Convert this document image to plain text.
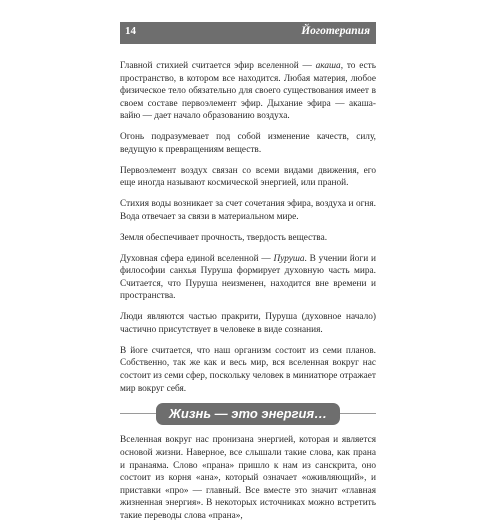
14	Йоготерапия

Главной стихией считается эфир вселенной — акаша, то есть пространство, в котором все находится. Любая материя, любое физическое тело обязательно для своего существования имеет в своем составе первоэлемент эфир. Дыхание эфира — акаша-вайю — дает начало образованию воздуха.

Огонь подразумевает под собой изменение качеств, силу, ведущую к превращениям веществ.

Первоэлемент воздух связан со всеми видами движения, его еще иногда называют космической энергией, или праной.

Стихия воды возникает за счет сочетания эфира, воздуха и огня. Вода отвечает за связи в материальном мире.

Земля обеспечивает прочность, твердость вещества.

Духовная сфера единой вселенной — Пуруша. В учении йоги и философии санхья Пуруша формирует духовную часть мира. Считается, что Пуруша неизменен, находится вне времени и пространства.

Люди являются частью пракрити, Пуруша (духовное начало) частично присутствует в человеке в виде сознания.

В йоге считается, что наш организм состоит из семи планов. Собственно, так же как и весь мир, вся вселенная вокруг нас состоит из семи сфер, поскольку человек в миниатюре отражает мир вокруг себя.

Жизнь — это энергия…

Вселенная вокруг нас пронизана энергией, которая и является основой жизни. Наверное, все слышали такие слова, как прана и пранаяма. Слово «прана» пришло к нам из санскрита, оно состоит из корня «ана», который означает «оживляющий», и приставки «про» — главный. Все вместе это значит «главная жизненная энергия». В некоторых источниках можно встретить такие переводы слова «прана»,
